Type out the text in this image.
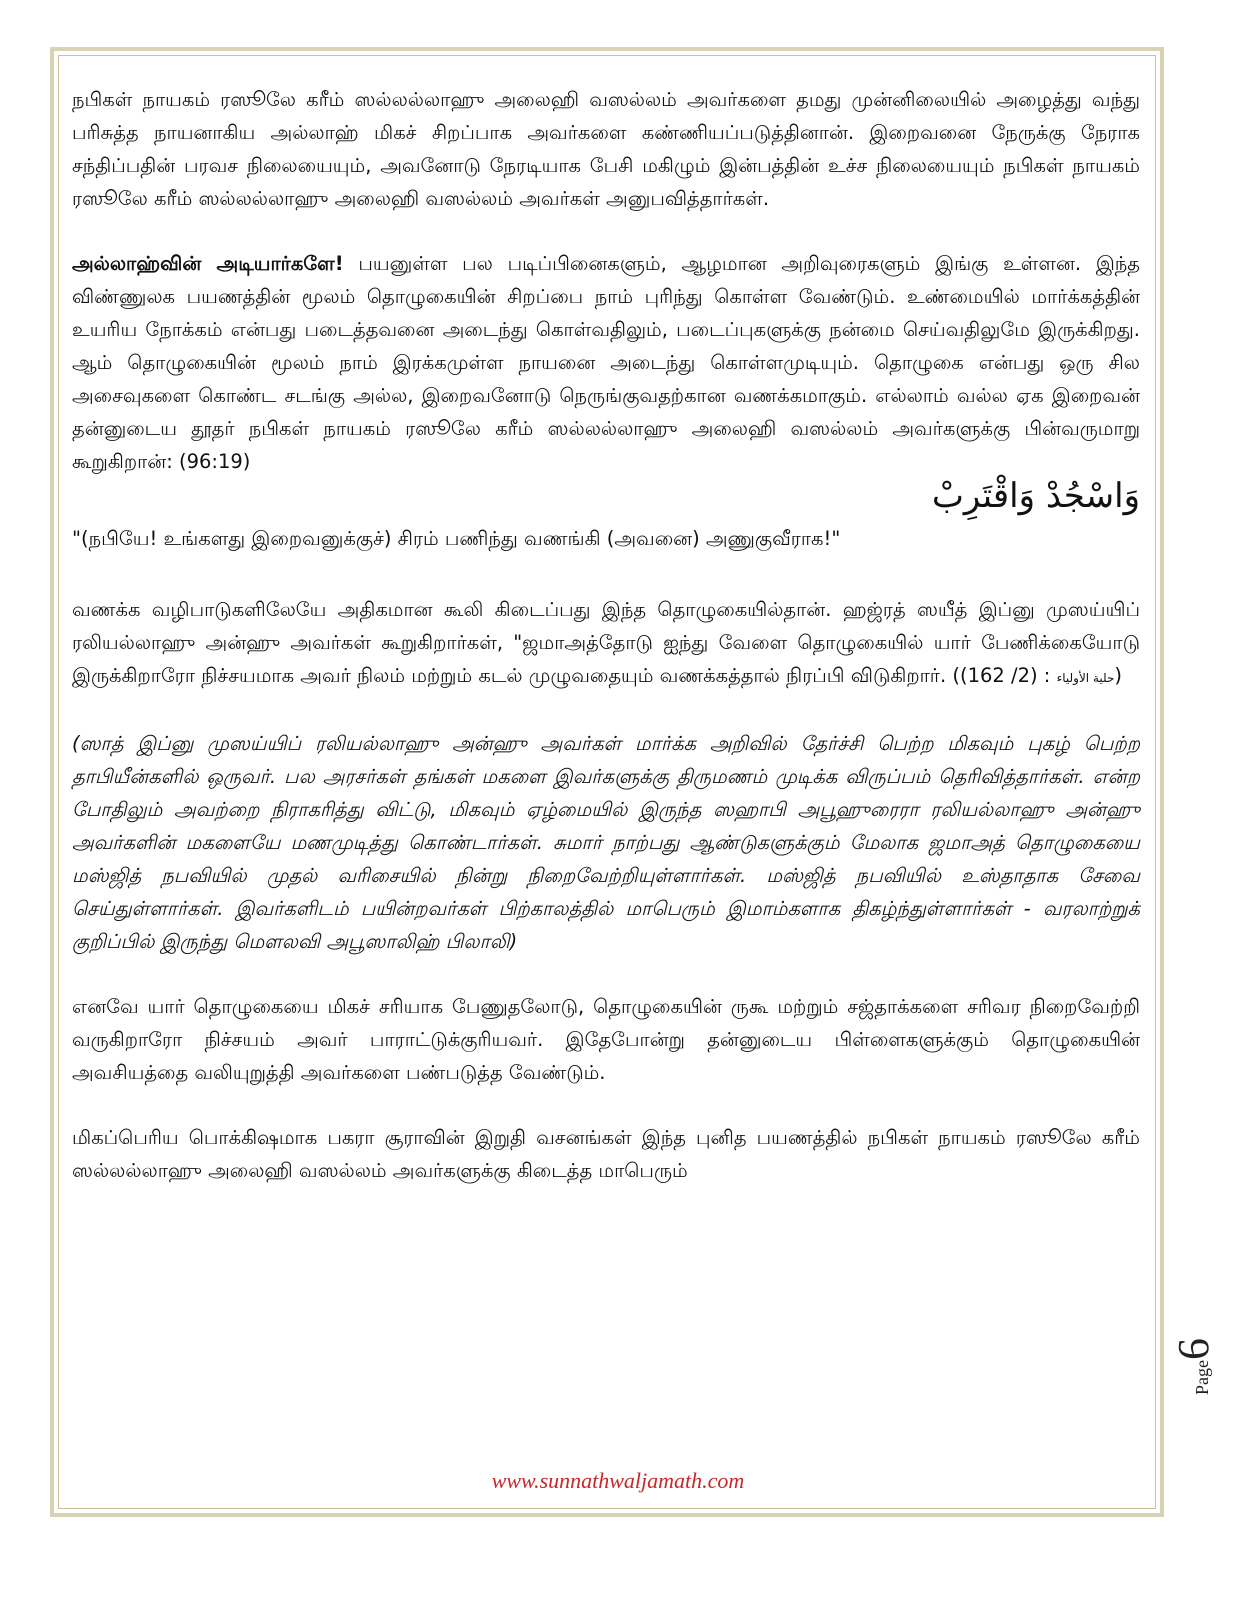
நபிகள் நாயகம் ரஸூலே கரீம் ஸல்லல்லாஹு அலைஹி வஸல்லம் அவர்களை தமது முன்னிலையில் அழைத்து வந்து பரிசுத்த நாயனாகிய அல்லாஹ் மிகச் சிறப்பாக அவர்களை கண்ணியப்படுத்தினான். இறைவனை நேருக்கு நேராக சந்திப்பதின் பரவச நிலையையும், அவனோடு நேரடியாக பேசி மகிழும் இன்பத்தின் உச்ச நிலையையும் நபிகள் நாயகம் ரஸூலே கரீம் ஸல்லல்லாஹு அலைஹி வஸல்லம் அவர்கள் அனுபவித்தார்கள்.

அல்லாஹ்வின் அடியார்களே! பயனுள்ள பல படிப்பினைகளும், ஆழமான அறிவுரைகளும் இங்கு உள்ளன. இந்த விண்ணுலக பயணத்தின் மூலம் தொழுகையின் சிறப்பை நாம் புரிந்து கொள்ள வேண்டும். உண்மையில் மார்க்கத்தின் உயரிய நோக்கம் என்பது படைத்தவனை அடைந்து கொள்வதிலும், படைப்புகளுக்கு நன்மை செய்வதிலுமே இருக்கிறது. ஆம் தொழுகையின் மூலம் நாம் இரக்கமுள்ள நாயனை அடைந்து கொள்ளமுடியும். தொழுகை என்பது ஒரு சில அசைவுகளை கொண்ட சடங்கு அல்ல, இறைவனோடு நெருங்குவதற்கான வணக்கமாகும். எல்லாம் வல்ல ஏக இறைவன் தன்னுடைய தூதர் நபிகள் நாயகம் ரஸூலே கரீம் ஸல்லல்லாஹு அலைஹி வஸல்லம் அவர்களுக்கு பின்வருமாறு கூறுகிறான்: (96:19)

وَاسْجُدْ وَاقْتَرِبْ

"(நபியே! உங்களது இறைவனுக்குச்) சிரம் பணிந்து வணங்கி (அவனை) அணுகுவீராக!"

வணக்க வழிபாடுகளிலேயே அதிகமான கூலி கிடைப்பது இந்த தொழுகையில்தான். ஹஜ்ரத் ஸயீத் இப்னு முஸய்யிப் ரலியல்லாஹு அன்ஹு அவர்கள் கூறுகிறார்கள், "ஜமாஅத்தோடு ஐந்து வேளை தொழுகையில் யார் பேணிக்கையோடு இருக்கிறாரோ நிச்சயமாக அவர் நிலம் மற்றும் கடல் முழுவதையும் வணக்கத்தால் நிரப்பி விடுகிறார். ((162 /2) : حلية الأولياء)

(ஸாத் இப்னு முஸய்யிப் ரலியல்லாஹு அன்ஹு அவர்கள் மார்க்க அறிவில் தேர்ச்சி பெற்ற மிகவும் புகழ் பெற்ற தாபியீன்களில் ஒருவர். பல அரசர்கள் தங்கள் மகளை இவர்களுக்கு திருமணம் முடிக்க விருப்பம் தெரிவித்தார்கள். என்ற போதிலும் அவற்றை நிராகரித்து விட்டு, மிகவும் ஏழ்மையில் இருந்த ஸஹாபி அபூஹுரைரா ரலியல்லாஹு அன்ஹு அவர்களின் மகளையே மணமுடித்து கொண்டார்கள். சுமார் நாற்பது ஆண்டுகளுக்கும் மேலாக ஜமாஅத் தொழுகையை மஸ்ஜித் நபவியில் முதல் வரிசையில் நின்று நிறைவேற்றியுள்ளார்கள். மஸ்ஜித் நபவியில் உஸ்தாதாக சேவை செய்துள்ளார்கள். இவர்களிடம் பயின்றவர்கள் பிற்காலத்தில் மாபெரும் இமாம்களாக திகழ்ந்துள்ளார்கள் - வரலாற்றுக் குறிப்பில் இருந்து மௌலவி அபூஸாலிஹ் பிலாலி)

எனவே யார் தொழுகையை மிகச் சரியாக பேணுதலோடு, தொழுகையின் ருகூ மற்றும் சஜ்தாக்களை சரிவர நிறைவேற்றி வருகிறாரோ நிச்சயம் அவர் பாராட்டுக்குரியவர். இதேபோன்று தன்னுடைய பிள்ளைகளுக்கும் தொழுகையின் அவசியத்தை வலியுறுத்தி அவர்களை பண்படுத்த வேண்டும்.

மிகப்பெரிய பொக்கிஷமாக பகரா சூராவின் இறுதி வசனங்கள் இந்த புனித பயணத்தில் நபிகள் நாயகம் ரஸூலே கரீம் ஸல்லல்லாஹு அலைஹி வஸல்லம் அவர்களுக்கு கிடைத்த மாபெரும்

Page6
www.sunnathwaljamath.com
